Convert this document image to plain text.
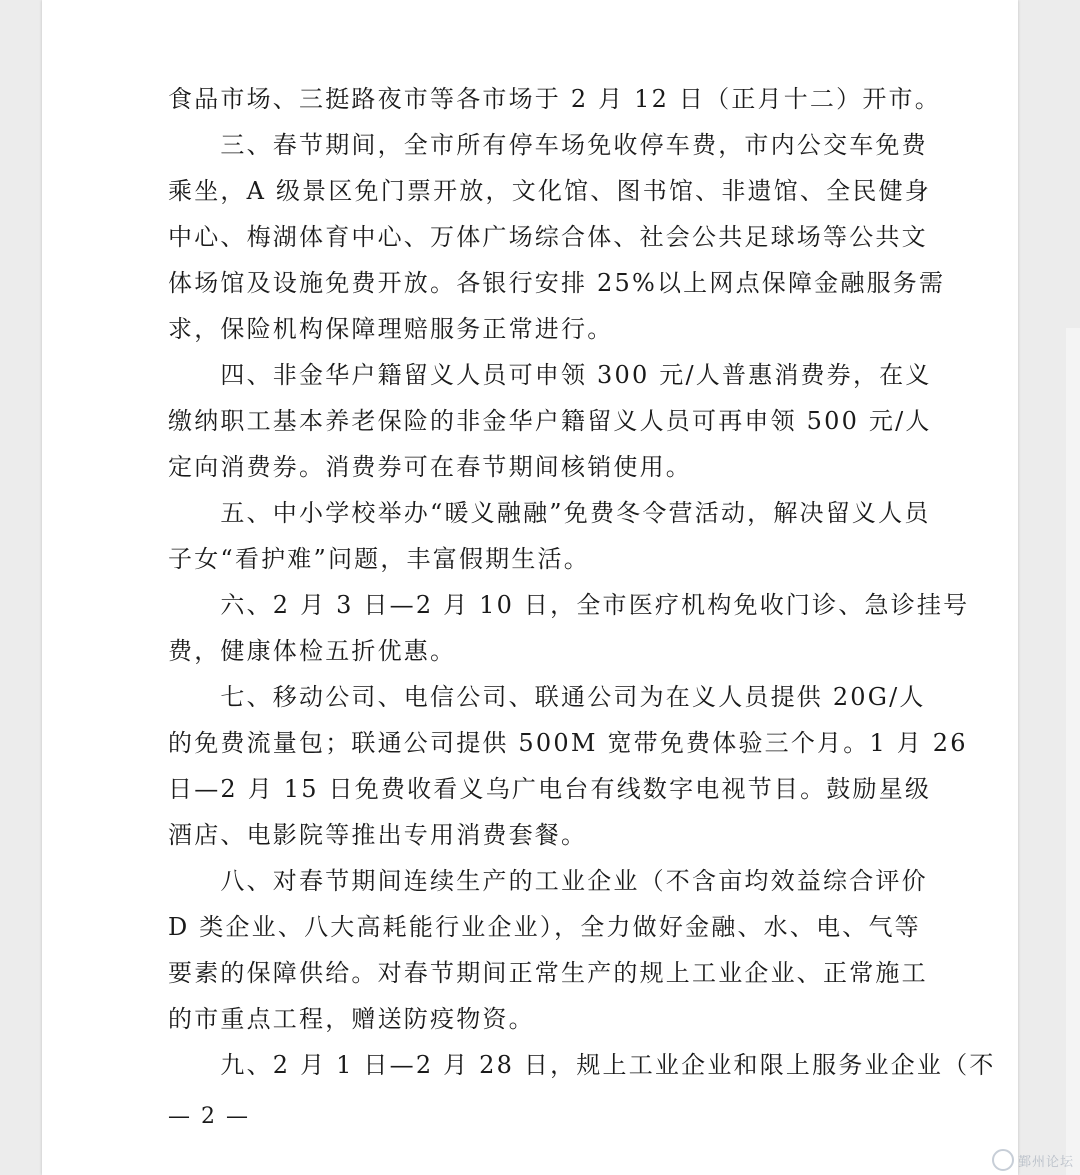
食品市场、三挺路夜市等各市场于 2 月 12 日（正月十二）开市。
　　三、春节期间，全市所有停车场免收停车费，市内公交车免费
乘坐，A 级景区免门票开放，文化馆、图书馆、非遗馆、全民健身
中心、梅湖体育中心、万体广场综合体、社会公共足球场等公共文
体场馆及设施免费开放。各银行安排 25%以上网点保障金融服务需
求，保险机构保障理赔服务正常进行。
　　四、非金华户籍留义人员可申领 300 元/人普惠消费券，在义
缴纳职工基本养老保险的非金华户籍留义人员可再申领 500 元/人
定向消费券。消费券可在春节期间核销使用。
　　五、中小学校举办“暖义融融”免费冬令营活动，解决留义人员
子女“看护难”问题，丰富假期生活。
　　六、2 月 3 日—2 月 10 日，全市医疗机构免收门诊、急诊挂号
费，健康体检五折优惠。
　　七、移动公司、电信公司、联通公司为在义人员提供 20G/人
的免费流量包；联通公司提供 500M 宽带免费体验三个月。1 月 26
日—2 月 15 日免费收看义乌广电台有线数字电视节目。鼓励星级
酒店、电影院等推出专用消费套餐。
　　八、对春节期间连续生产的工业企业（不含亩均效益综合评价
D 类企业、八大高耗能行业企业），全力做好金融、水、电、气等
要素的保障供给。对春节期间正常生产的规上工业企业、正常施工
的市重点工程，赠送防疫物资。
　　九、2 月 1 日—2 月 28 日，规上工业企业和限上服务业企业（不
— 2 —
鄞州论坛
